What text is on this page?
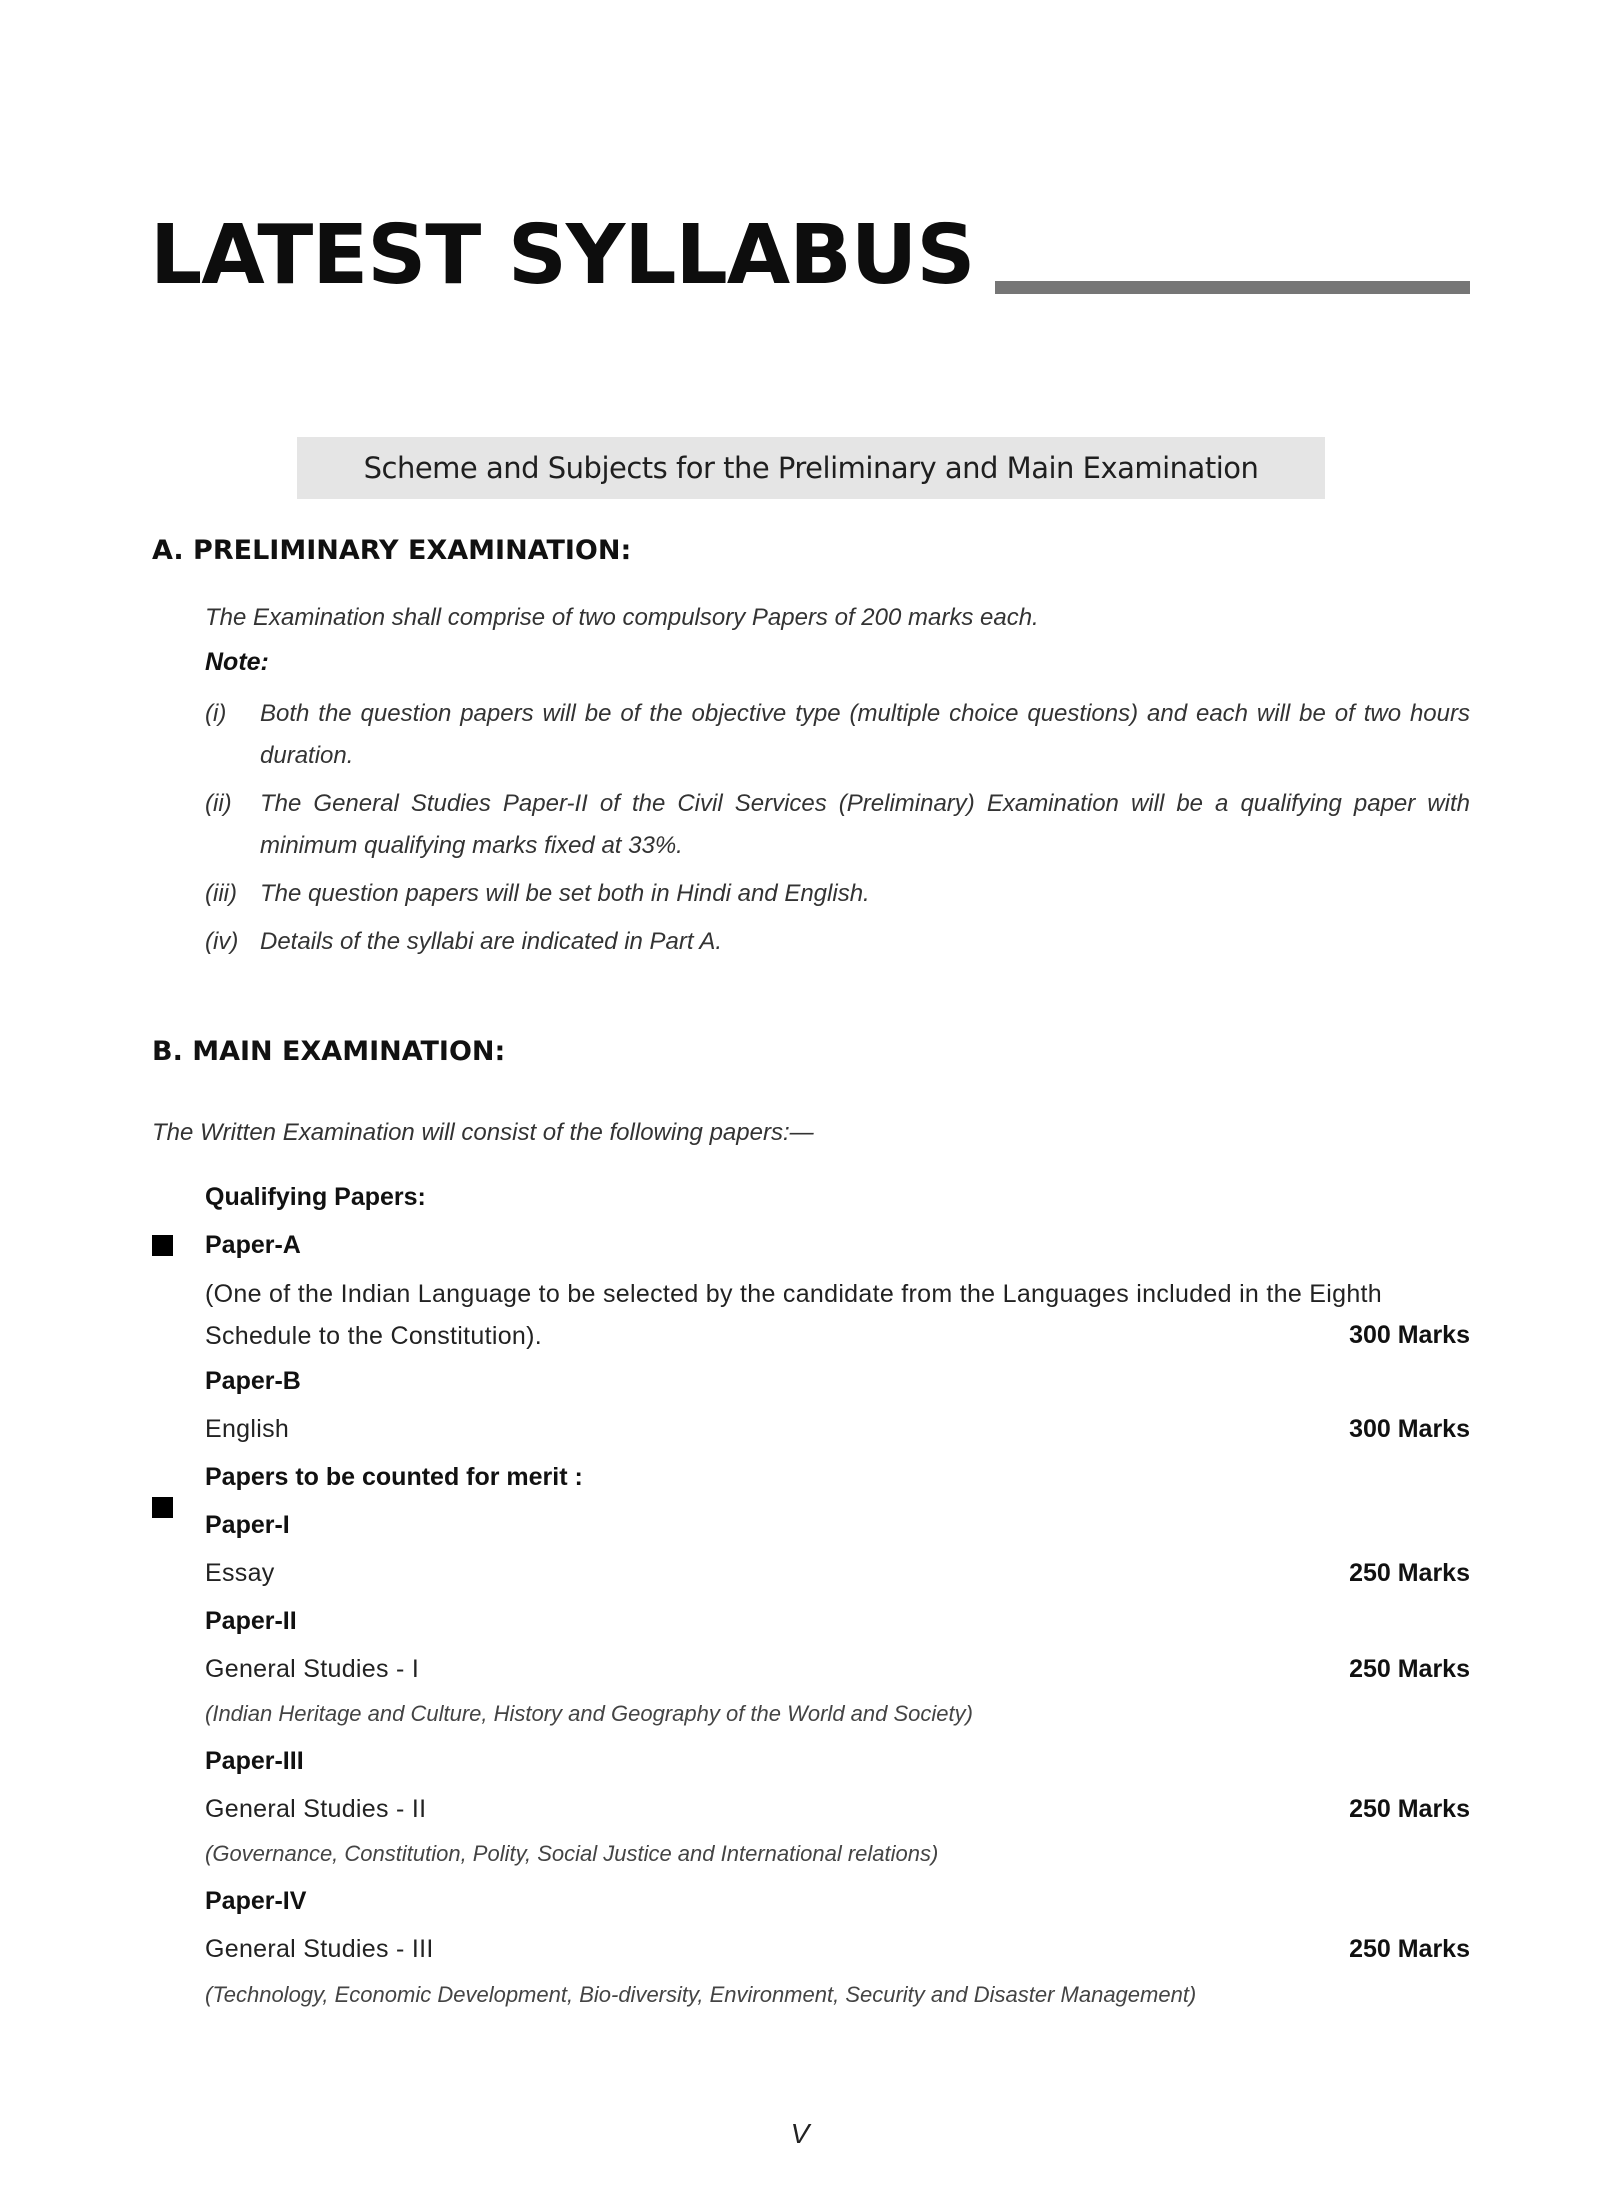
LATEST SYLLABUS
Scheme and Subjects for the Preliminary and Main Examination
A. PRELIMINARY EXAMINATION:
The Examination shall comprise of two compulsory Papers of 200 marks each.
Note:
(i)	Both the question papers will be of the objective type (multiple choice questions) and each will be of two hours duration.
(ii)	The General Studies Paper-II of the Civil Services (Preliminary) Examination will be a qualifying paper with minimum qualifying marks fixed at 33%.
(iii) The question papers will be set both in Hindi and English.
(iv) Details of the syllabi are indicated in Part A.
B. MAIN EXAMINATION:
The Written Examination will consist of the following papers:—
Qualifying Papers:
Paper-A
(One of the Indian Language to be selected by the candidate from the Languages included in the Eighth
Schedule to the Constitution).	300 Marks
Paper-B
English	300 Marks
Papers to be counted for merit :
Paper-I
Essay	250 Marks
Paper-II
General Studies - I	250 Marks
(Indian Heritage and Culture, History and Geography of the World and Society)
Paper-III
General Studies - II	250 Marks
(Governance, Constitution, Polity, Social Justice and International relations)
Paper-IV
General Studies - III	250 Marks
(Technology, Economic Development, Bio-diversity, Environment, Security and Disaster Management)
V
